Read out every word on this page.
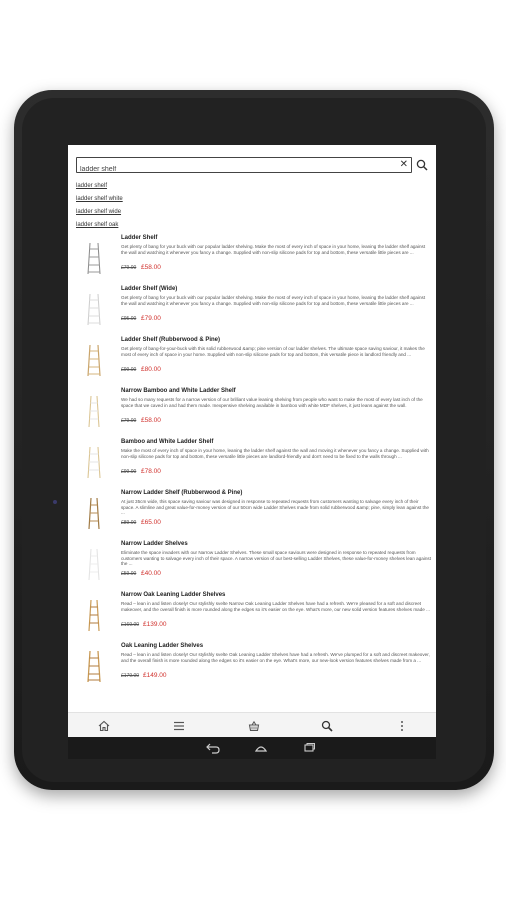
ladder shelf
✕
ladder shelf
ladder shelf white
ladder shelf wide
ladder shelf oak
Ladder Shelf
Get plenty of bang for your buck with our popular ladder shelving. Make the most of every inch of space in your home, leaning the ladder shelf against the wall and watching it whenever you fancy a change. Supplied with non-slip silicone pads for top and bottom, these versatile little pieces are ...
£79.00 £58.00
Ladder Shelf (Wide)
Get plenty of bang for your buck with our popular ladder shelving. Make the most of every inch of space in your home, leaning the ladder shelf against the wall and watching it whenever you fancy a change. Supplied with non-slip silicone pads for top and bottom, these versatile little pieces are ...
£95.00 £79.00
Ladder Shelf (Rubberwood & Pine)
Get plenty of bang-for-your-buck with this solid rubberwood &amp; pine version of our ladder shelves. The ultimate space saving saviour, it makes the most of every inch of space in your home. Supplied with non-slip silicone pads for top and bottom, this versatile piece is landlord friendly and ...
£99.00 £80.00
Narrow Bamboo and White Ladder Shelf
We had so many requests for a narrow version of our brilliant value leaning shelving from people who want to make the most of every last inch of the space that we caved in and had them made. Inexpensive shelving available in bamboo with white MDF shelves, it just leans against the wall.
£79.00 £58.00
Bamboo and White Ladder Shelf
Make the most of every inch of space in your home, leaning the ladder shelf against the wall and moving it whenever you fancy a change. Supplied with non-slip silicone pads for top and bottom, these versatile little pieces are landlord-friendly and don't need to be fixed to the walls through ...
£99.00 £78.00
Narrow Ladder Shelf (Rubberwood & Pine)
At just 35cm wide, this space saving saviour was designed in response to repeated requests from customers wanting to salvage every inch of their space. A slimline and great value-for-money version of our 50cm wide Ladder Shelves made from solid rubberwood &amp; pine, simply lean against the ...
£89.00 £65.00
Narrow Ladder Shelves
Eliminate the space invaders with our Narrow Ladder Shelves. These small space saviours were designed in response to repeated requests from customers wanting to salvage every inch of their space. A narrow version of our best-selling Ladder Shelves, these value-for-money shelves lean against the ...
£59.00 £40.00
Narrow Oak Leaning Ladder Shelves
Read – lean in and listen closely! Our stylishly svelte Narrow Oak Leaning Ladder Shelves have had a refresh. We're pleased for a soft and discreet makeover, and the overall finish is more rounded along the edges so it's easier on the eye. What's more, our new solid version features shelves made ...
£169.00 £139.00
Oak Leaning Ladder Shelves
Read – lean in and listen closely! Our stylishly svelte Oak Leaning Ladder Shelves have had a refresh. We've plumped for a soft and discreet makeover, and the overall finish is more rounded along the edges so it's easier on the eye. What's more, our new-look version features shelves made from a ...
£179.00 £149.00
